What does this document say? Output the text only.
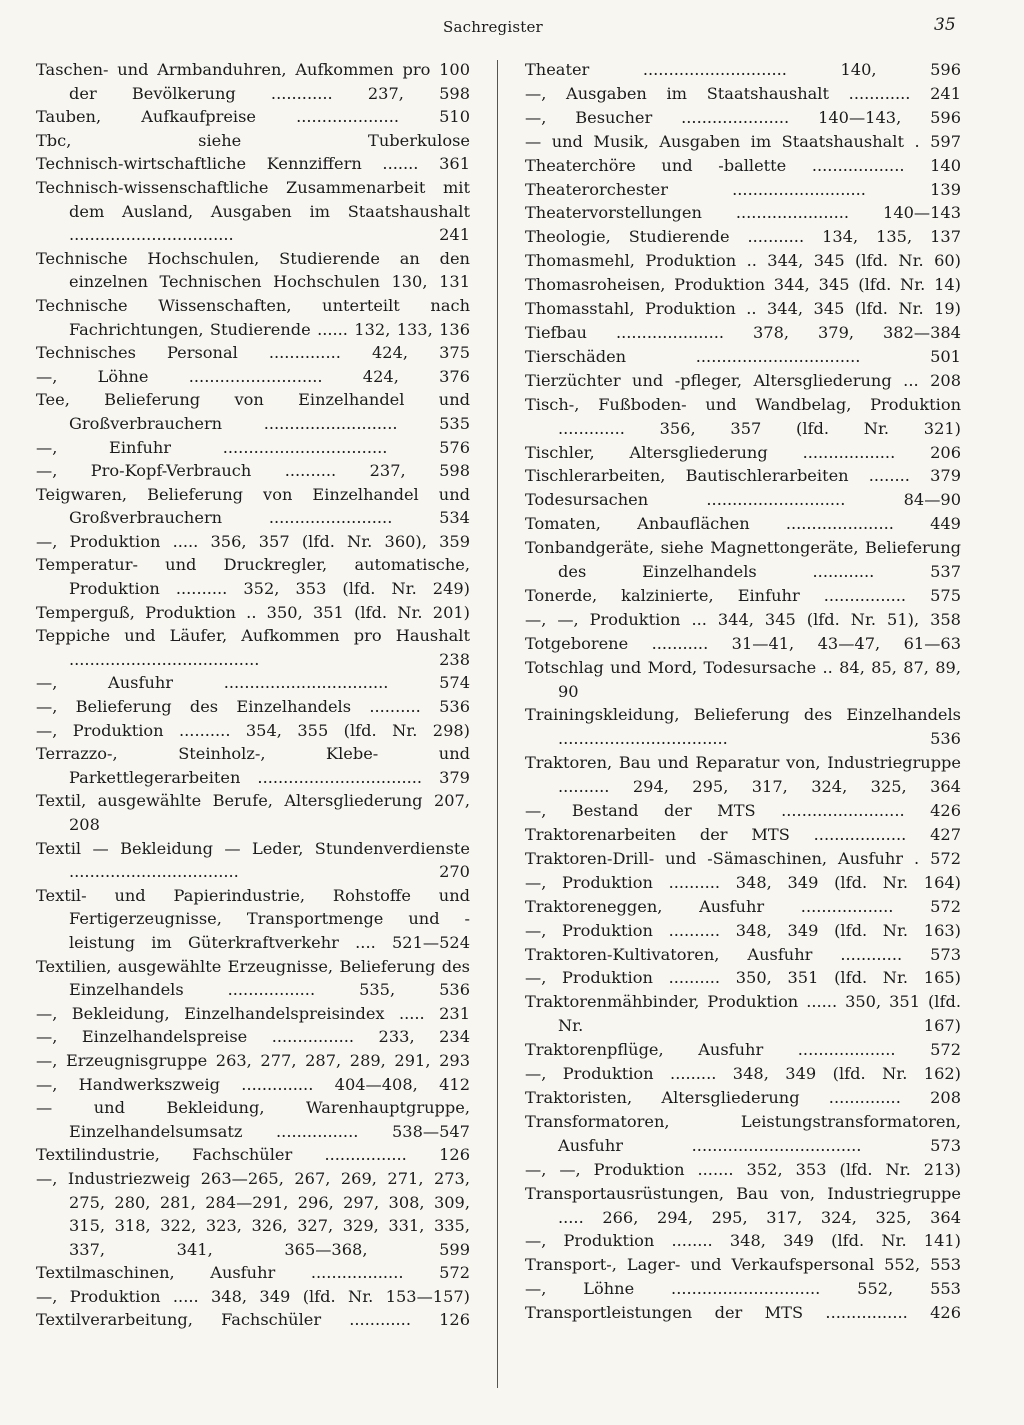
Sachregister	35
Taschen- und Armbanduhren, Aufkommen pro 100 der Bevölkerung ............ 237, 598
Tauben, Aufkaufpreise .................... 510
Tbc, siehe Tuberkulose
Technisch-wirtschaftliche Kennziffern ....... 361
Technisch-wissenschaftliche Zusammenarbeit mit dem Ausland, Ausgaben im Staatshaushalt ................................ 241
Technische Hochschulen, Studierende an den einzelnen Technischen Hochschulen 130, 131
Technische Wissenschaften, unterteilt nach Fachrichtungen, Studierende ...... 132, 133, 136
Technisches Personal .............. 424, 375
—, Löhne .......................... 424, 376
Tee, Belieferung von Einzelhandel und Großverbrauchern .......................... 535
—, Einfuhr ................................ 576
—, Pro-Kopf-Verbrauch .......... 237, 598
Teigwaren, Belieferung von Einzelhandel und Großverbrauchern ........................ 534
—, Produktion ..... 356, 357 (lfd. Nr. 360), 359
Temperatur- und Druckregler, automatische, Produktion .......... 352, 353 (lfd. Nr. 249)
Temperguß, Produktion .. 350, 351 (lfd. Nr. 201)
Teppiche und Läufer, Aufkommen pro Haushalt ..................................... 238
—, Ausfuhr ................................ 574
—, Belieferung des Einzelhandels .......... 536
—, Produktion .......... 354, 355 (lfd. Nr. 298)
Terrazzo-, Steinholz-, Klebe- und Parkettlegerarbeiten ................................ 379
Textil, ausgewählte Berufe, Altersgliederung 207, 208
Textil — Bekleidung — Leder, Stundenverdienste ................................. 270
Textil- und Papierindustrie, Rohstoffe und Fertigerzeugnisse, Transportmenge und -leistung im Güterkraftverkehr .... 521—524
Textilien, ausgewählte Erzeugnisse, Belieferung des Einzelhandels ................. 535, 536
—, Bekleidung, Einzelhandelspreisindex ..... 231
—, Einzelhandelspreise ................ 233, 234
—, Erzeugnisgruppe 263, 277, 287, 289, 291, 293
—, Handwerkszweig .............. 404—408, 412
— und Bekleidung, Warenhauptgruppe, Einzelhandelsumsatz ................ 538—547
Textilindustrie, Fachschüler ................ 126
—, Industriezweig 263—265, 267, 269, 271, 273, 275, 280, 281, 284—291, 296, 297, 308, 309, 315, 318, 322, 323, 326, 327, 329, 331, 335, 337, 341, 365—368, 599
Textilmaschinen, Ausfuhr .................. 572
—, Produktion ..... 348, 349 (lfd. Nr. 153—157)
Textilverarbeitung, Fachschüler ............ 126
Theater ............................ 140, 596
—, Ausgaben im Staatshaushalt ............ 241
—, Besucher ..................... 140—143, 596
— und Musik, Ausgaben im Staatshaushalt . 597
Theaterchöre und -ballette .................. 140
Theaterorchester .......................... 139
Theatervorstellungen ...................... 140—143
Theologie, Studierende ........... 134, 135, 137
Thomasmehl, Produktion .. 344, 345 (lfd. Nr. 60)
Thomasroheisen, Produktion 344, 345 (lfd. Nr. 14)
Thomasstahl, Produktion .. 344, 345 (lfd. Nr. 19)
Tiefbau ..................... 378, 379, 382—384
Tierschäden ................................ 501
Tierzüchter und -pfleger, Altersgliederung ... 208
Tisch-, Fußboden- und Wandbelag, Produktion ............. 356, 357 (lfd. Nr. 321)
Tischler, Altersgliederung .................. 206
Tischlerarbeiten, Bautischlerarbeiten ........ 379
Todesursachen ........................... 84—90
Tomaten, Anbauflächen ..................... 449
Tonbandgeräte, siehe Magnettongeräte, Belieferung des Einzelhandels ............ 537
Tonerde, kalzinierte, Einfuhr ................ 575
—, —, Produktion ... 344, 345 (lfd. Nr. 51), 358
Totgeborene ........... 31—41, 43—47, 61—63
Totschlag und Mord, Todesursache .. 84, 85, 87, 89, 90
Trainingskleidung, Belieferung des Einzelhandels ................................. 536
Traktoren, Bau und Reparatur von, Industriegruppe .......... 294, 295, 317, 324, 325, 364
—, Bestand der MTS ........................ 426
Traktorenarbeiten der MTS .................. 427
Traktoren-Drill- und -Sämaschinen, Ausfuhr . 572
—, Produktion .......... 348, 349 (lfd. Nr. 164)
Traktoreneggen, Ausfuhr .................. 572
—, Produktion .......... 348, 349 (lfd. Nr. 163)
Traktoren-Kultivatoren, Ausfuhr ............ 573
—, Produktion .......... 350, 351 (lfd. Nr. 165)
Traktorenmähbinder, Produktion ...... 350, 351 (lfd. Nr. 167)
Traktorenpflüge, Ausfuhr ................... 572
—, Produktion ......... 348, 349 (lfd. Nr. 162)
Traktoristen, Altersgliederung .............. 208
Transformatoren, Leistungstransformatoren, Ausfuhr ................................. 573
—, —, Produktion ....... 352, 353 (lfd. Nr. 213)
Transportausrüstungen, Bau von, Industriegruppe ..... 266, 294, 295, 317, 324, 325, 364
—, Produktion ........ 348, 349 (lfd. Nr. 141)
Transport-, Lager- und Verkaufspersonal 552, 553
—, Löhne ............................. 552, 553
Transportleistungen der MTS ................ 426
